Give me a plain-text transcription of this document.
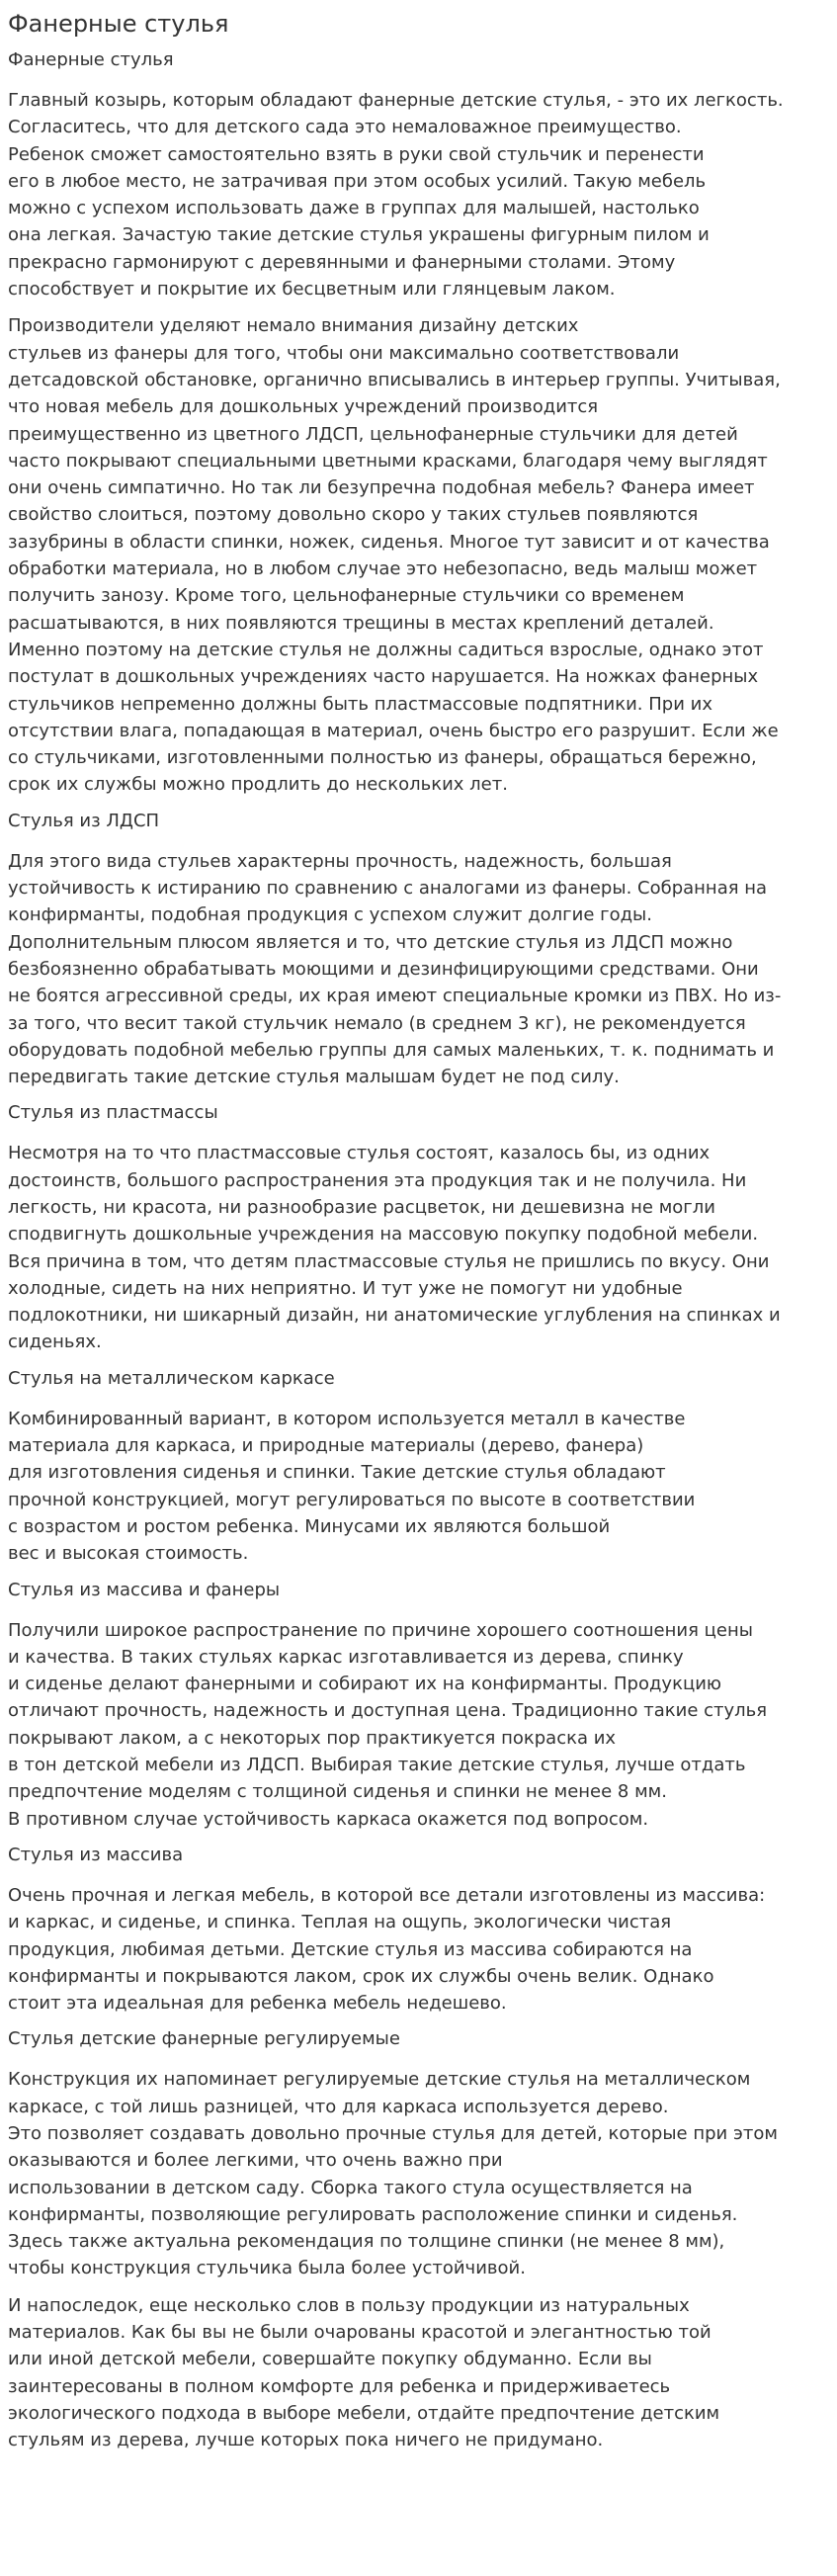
Фанерные стулья
Фанерные стулья

Главный козырь, которым обладают фанерные детские стулья, - это их легкость.
Согласитесь, что для детского сада это немаловажное преимущество.
Ребенок сможет самостоятельно взять в руки свой стульчик и перенести
его в любое место, не затрачивая при этом особых усилий. Такую мебель
можно с успехом использовать даже в группах для малышей, настолько
она легкая. Зачастую такие детские стулья украшены фигурным пилом и
прекрасно гармонируют с деревянными и фанерными столами. Этому
способствует и покрытие их бесцветным или глянцевым лаком.

Производители уделяют немало внимания дизайну детских
стульев из фанеры для того, чтобы они максимально соответствовали
детсадовской обстановке, органично вписывались в интерьер группы. Учитывая,
что новая мебель для дошкольных учреждений производится
преимущественно из цветного ЛДСП, цельнофанерные стульчики для детей
часто покрывают специальными цветными красками, благодаря чему выглядят
они очень симпатично. Но так ли безупречна подобная мебель? Фанера имеет
свойство слоиться, поэтому довольно скоро у таких стульев появляются
зазубрины в области спинки, ножек, сиденья. Многое тут зависит и от качества
обработки материала, но в любом случае это небезопасно, ведь малыш может
получить занозу. Кроме того, цельнофанерные стульчики со временем
расшатываются, в них появляются трещины в местах креплений деталей.
Именно поэтому на детские стулья не должны садиться взрослые, однако этот
постулат в дошкольных учреждениях часто нарушается. На ножках фанерных
стульчиков непременно должны быть пластмассовые подпятники. При их
отсутствии влага, попадающая в материал, очень быстро его разрушит. Если же
со стульчиками, изготовленными полностью из фанеры, обращаться бережно,
срок их службы можно продлить до нескольких лет.

Стулья из ЛДСП

Для этого вида стульев характерны прочность, надежность, большая
устойчивость к истиранию по сравнению с аналогами из фанеры. Собранная на
конфирманты, подобная продукция с успехом служит долгие годы.
Дополнительным плюсом является и то, что детские стулья из ЛДСП можно
безбоязненно обрабатывать моющими и дезинфицирующими средствами. Они
не боятся агрессивной среды, их края имеют специальные кромки из ПВХ. Но из-
за того, что весит такой стульчик немало (в среднем 3 кг), не рекомендуется
оборудовать подобной мебелью группы для самых маленьких, т. к. поднимать и
передвигать такие детские стулья малышам будет не под силу.

Стулья из пластмассы

Несмотря на то что пластмассовые стулья состоят, казалось бы, из одних
достоинств, большого распространения эта продукция так и не получила. Ни
легкость, ни красота, ни разнообразие расцветок, ни дешевизна не могли
сподвигнуть дошкольные учреждения на массовую покупку подобной мебели.
Вся причина в том, что детям пластмассовые стулья не пришлись по вкусу. Они
холодные, сидеть на них неприятно. И тут уже не помогут ни удобные
подлокотники, ни шикарный дизайн, ни анатомические углубления на спинках и
сиденьях.

Стулья на металлическом каркасе

Комбинированный вариант, в котором используется металл в качестве
материала для каркаса, и природные материалы (дерево, фанера)
для изготовления сиденья и спинки. Такие детские стулья обладают
прочной конструкцией, могут регулироваться по высоте в соответствии
с возрастом и ростом ребенка. Минусами их являются большой
вес и высокая стоимость.

Стулья из массива и фанеры

Получили широкое распространение по причине хорошего соотношения цены
и качества. В таких стульях каркас изготавливается из дерева, спинку
и сиденье делают фанерными и собирают их на конфирманты. Продукцию
отличают прочность, надежность и доступная цена. Традиционно такие стулья
покрывают лаком, а с некоторых пор практикуется покраска их
в тон детской мебели из ЛДСП. Выбирая такие детские стулья, лучше отдать
предпочтение моделям с толщиной сиденья и спинки не менее 8 мм.
В противном случае устойчивость каркаса окажется под вопросом.

Стулья из массива

Очень прочная и легкая мебель, в которой все детали изготовлены из массива:
и каркас, и сиденье, и спинка. Теплая на ощупь, экологически чистая
продукция, любимая детьми. Детские стулья из массива собираются на
конфирманты и покрываются лаком, срок их службы очень велик. Однако
стоит эта идеальная для ребенка мебель недешево.

Стулья детские фанерные регулируемые

Конструкция их напоминает регулируемые детские стулья на металлическом
каркасе, с той лишь разницей, что для каркаса используется дерево.
Это позволяет создавать довольно прочные стулья для детей, которые при этом
оказываются и более легкими, что очень важно при
использовании в детском саду. Сборка такого стула осуществляется на
конфирманты, позволяющие регулировать расположение спинки и сиденья.
Здесь также актуальна рекомендация по толщине спинки (не менее 8 мм),
чтобы конструкция стульчика была более устойчивой.

И напоследок, еще несколько слов в пользу продукции из натуральных
материалов. Как бы вы не были очарованы красотой и элегантностью той
или иной детской мебели, совершайте покупку обдуманно. Если вы
заинтересованы в полном комфорте для ребенка и придерживаетесь
экологического подхода в выборе мебели, отдайте предпочтение детским
стульям из дерева, лучше которых пока ничего не придумано.
